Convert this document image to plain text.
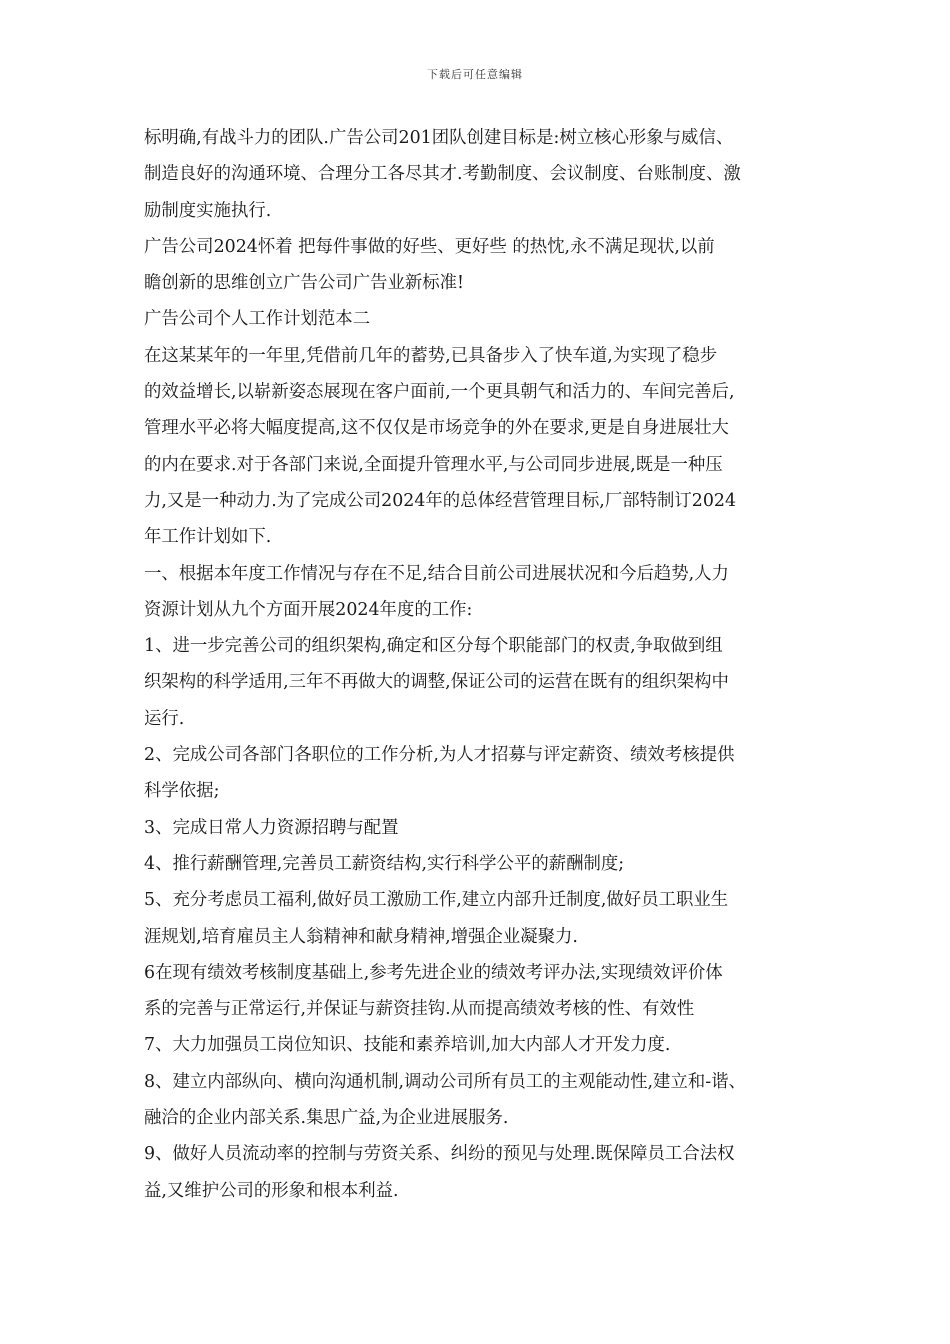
下载后可任意编辑
标明确,有战斗力的团队.广告公司201团队创建目标是:树立核心形象与威信、
制造良好的沟通环境、合理分工各尽其才.考勤制度、会议制度、台账制度、激
励制度实施执行.
广告公司2024怀着 把每件事做的好些、更好些 的热忱,永不满足现状,以前
瞻创新的思维创立广告公司广告业新标准!
广告公司个人工作计划范本二
在这某某年的一年里,凭借前几年的蓄势,已具备步入了快车道,为实现了稳步
的效益增长,以崭新姿态展现在客户面前,一个更具朝气和活力的、车间完善后,
管理水平必将大幅度提高,这不仅仅是市场竞争的外在要求,更是自身进展壮大
的内在要求.对于各部门来说,全面提升管理水平,与公司同步进展,既是一种压
力,又是一种动力.为了完成公司2024年的总体经营管理目标,厂部特制订2024
年工作计划如下.
一、根据本年度工作情况与存在不足,结合目前公司进展状况和今后趋势,人力
资源计划从九个方面开展2024年度的工作:
1、进一步完善公司的组织架构,确定和区分每个职能部门的权责,争取做到组
织架构的科学适用,三年不再做大的调整,保证公司的运营在既有的组织架构中
运行.
2、完成公司各部门各职位的工作分析,为人才招募与评定薪资、绩效考核提供
科学依据;
3、完成日常人力资源招聘与配置
4、推行薪酬管理,完善员工薪资结构,实行科学公平的薪酬制度;
5、充分考虑员工福利,做好员工激励工作,建立内部升迁制度,做好员工职业生
涯规划,培育雇员主人翁精神和献身精神,增强企业凝聚力.
6在现有绩效考核制度基础上,参考先进企业的绩效考评办法,实现绩效评价体
系的完善与正常运行,并保证与薪资挂钩.从而提高绩效考核的性、有效性
7、大力加强员工岗位知识、技能和素养培训,加大内部人才开发力度.
8、建立内部纵向、横向沟通机制,调动公司所有员工的主观能动性,建立和-谐、
融洽的企业内部关系.集思广益,为企业进展服务.
9、做好人员流动率的控制与劳资关系、纠纷的预见与处理.既保障员工合法权
益,又维护公司的形象和根本利益.
